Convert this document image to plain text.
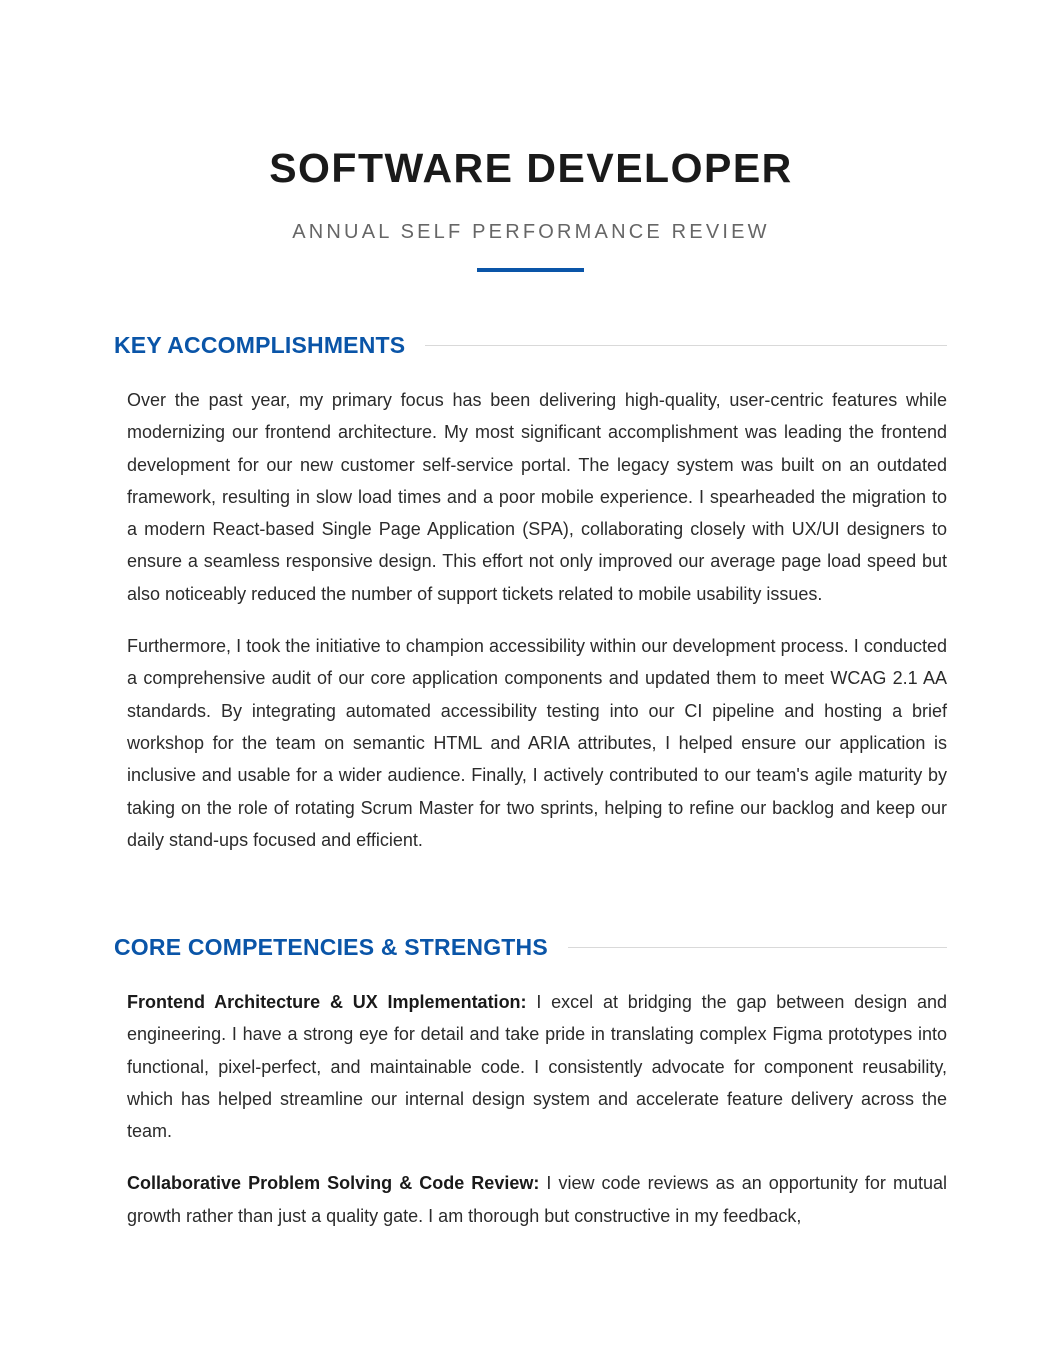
SOFTWARE DEVELOPER
ANNUAL SELF PERFORMANCE REVIEW
KEY ACCOMPLISHMENTS

Over the past year, my primary focus has been delivering high-quality, user-centric features while modernizing our frontend architecture. My most significant accomplishment was leading the frontend development for our new customer self-service portal. The legacy system was built on an outdated framework, resulting in slow load times and a poor mobile experience. I spearheaded the migration to a modern React-based Single Page Application (SPA), collaborating closely with UX/UI designers to ensure a seamless responsive design. This effort not only improved our average page load speed but also noticeably reduced the number of support tickets related to mobile usability issues.

Furthermore, I took the initiative to champion accessibility within our development process. I conducted a comprehensive audit of our core application components and updated them to meet WCAG 2.1 AA standards. By integrating automated accessibility testing into our CI pipeline and hosting a brief workshop for the team on semantic HTML and ARIA attributes, I helped ensure our application is inclusive and usable for a wider audience. Finally, I actively contributed to our team's agile maturity by taking on the role of rotating Scrum Master for two sprints, helping to refine our backlog and keep our daily stand-ups focused and efficient.

CORE COMPETENCIES & STRENGTHS

Frontend Architecture & UX Implementation: I excel at bridging the gap between design and engineering. I have a strong eye for detail and take pride in translating complex Figma prototypes into functional, pixel-perfect, and maintainable code. I consistently advocate for component reusability, which has helped streamline our internal design system and accelerate feature delivery across the team.

Collaborative Problem Solving & Code Review: I view code reviews as an opportunity for mutual growth rather than just a quality gate. I am thorough but constructive in my feedback,
